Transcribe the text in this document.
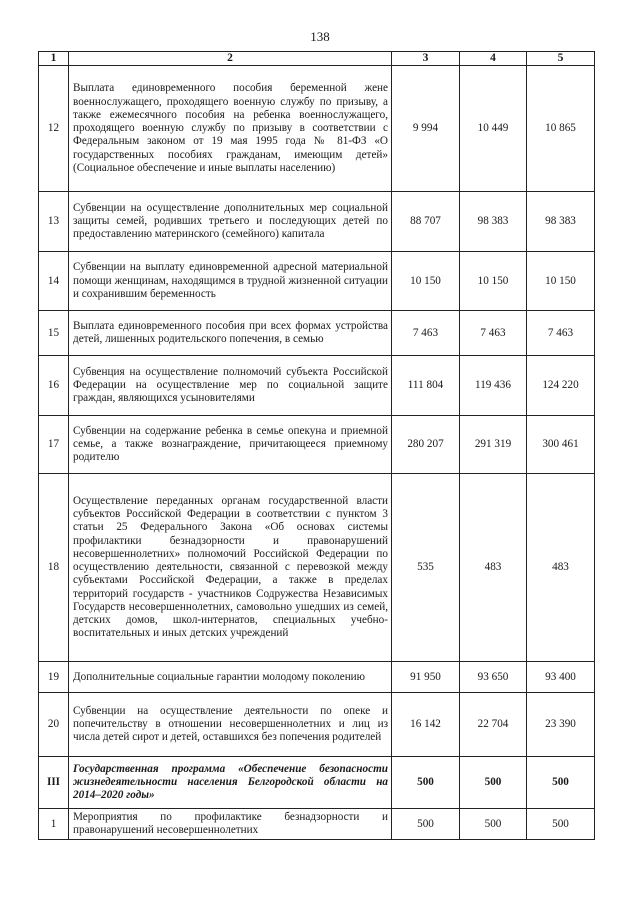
138
1	2	3	4	5
12	Выплата единовременного пособия беременной жене военнослужащего, проходящего военную службу по призыву, а также ежемесячного пособия на ребенка военнослужащего, проходящего военную службу по призыву в соответствии с Федеральным законом от 19 мая 1995 года № 81-ФЗ «О государственных пособиях гражданам, имеющим детей» (Социальное обеспечение и иные выплаты населению)	9 994	10 449	10 865
13	Субвенции на осуществление дополнительных мер социальной защиты семей, родивших третьего и последующих детей по предоставлению материнского (семейного) капитала	88 707	98 383	98 383
14	Субвенции на выплату единовременной адресной материальной помощи женщинам, находящимся в трудной жизненной ситуации и сохранившим беременность	10 150	10 150	10 150
15	Выплата единовременного пособия при всех формах устройства детей, лишенных родительского попечения, в семью	7 463	7 463	7 463
16	Субвенция на осуществление полномочий субъекта Российской Федерации на осуществление мер по социальной защите граждан, являющихся усыновителями	111 804	119 436	124 220
17	Субвенции на содержание ребенка в семье опекуна и приемной семье, а также вознаграждение, причитающееся приемному родителю	280 207	291 319	300 461
18	Осуществление переданных органам государственной власти субъектов Российской Федерации в соответствии с пунктом 3 статьи 25 Федерального Закона «Об основах системы профилактики безнадзорности и правонарушений несовершеннолетних» полномочий Российской Федерации по осуществлению деятельности, связанной с перевозкой между субъектами Российской Федерации, а также в пределах территорий государств - участников Содружества Независимых Государств несовершеннолетних, самовольно ушедших из семей, детских домов, школ-интернатов, специальных учебно-воспитательных и иных детских учреждений	535	483	483
19	Дополнительные социальные гарантии молодому поколению	91 950	93 650	93 400
20	Субвенции на осуществление деятельности по опеке и попечительству в отношении несовершеннолетних и лиц из числа детей сирот и детей, оставшихся без попечения родителей	16 142	22 704	23 390
III	Государственная программа «Обеспечение безопасности жизнедеятельности населения Белгородской области на 2014–2020 годы»	500	500	500
1	Мероприятия по профилактике безнадзорности и правонарушений несовершеннолетних	500	500	500
